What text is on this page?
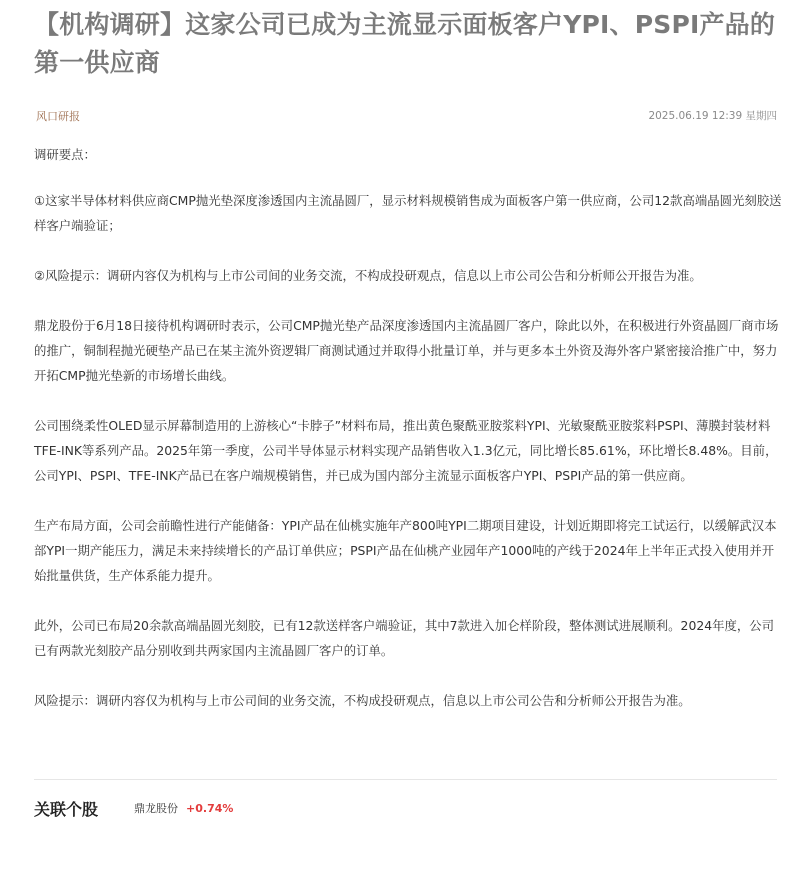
【机构调研】这家公司已成为主流显示面板客户YPI、PSPI产品的第一供应商
风口研报	2025.06.19 12:39 星期四

调研要点：

①这家半导体材料供应商CMP抛光垫深度渗透国内主流晶圆厂，显示材料规模销售成为面板客户第一供应商，公司12款高端晶圆光刻胶送样客户端验证；

②风险提示：调研内容仅为机构与上市公司间的业务交流，不构成投研观点，信息以上市公司公告和分析师公开报告为准。

鼎龙股份于6月18日接待机构调研时表示，公司CMP抛光垫产品深度渗透国内主流晶圆厂客户，除此以外，在积极进行外资晶圆厂商市场的推广，铜制程抛光硬垫产品已在某主流外资逻辑厂商测试通过并取得小批量订单，并与更多本土外资及海外客户紧密接洽推广中，努力开拓CMP抛光垫新的市场增长曲线。

公司围绕柔性OLED显示屏幕制造用的上游核心“卡脖子”材料布局，推出黄色聚酰亚胺浆料YPI、光敏聚酰亚胺浆料PSPI、薄膜封装材料TFE-INK等系列产品。2025年第一季度，公司半导体显示材料实现产品销售收入1.3亿元，同比增长85.61%，环比增长8.48%。目前，公司YPI、PSPI、TFE-INK产品已在客户端规模销售，并已成为国内部分主流显示面板客户YPI、PSPI产品的第一供应商。

生产布局方面，公司会前瞻性进行产能储备：YPI产品在仙桃实施年产800吨YPI二期项目建设，计划近期即将完工试运行，以缓解武汉本部YPI一期产能压力，满足未来持续增长的产品订单供应；PSPI产品在仙桃产业园年产1000吨的产线于2024年上半年正式投入使用并开始批量供货，生产体系能力提升。

此外，公司已布局20余款高端晶圆光刻胶，已有12款送样客户端验证，其中7款进入加仑样阶段，整体测试进展顺利。2024年度，公司已有两款光刻胶产品分别收到共两家国内主流晶圆厂客户的订单。

风险提示：调研内容仅为机构与上市公司间的业务交流，不构成投研观点，信息以上市公司公告和分析师公开报告为准。

关联个股	鼎龙股份 +0.74%
